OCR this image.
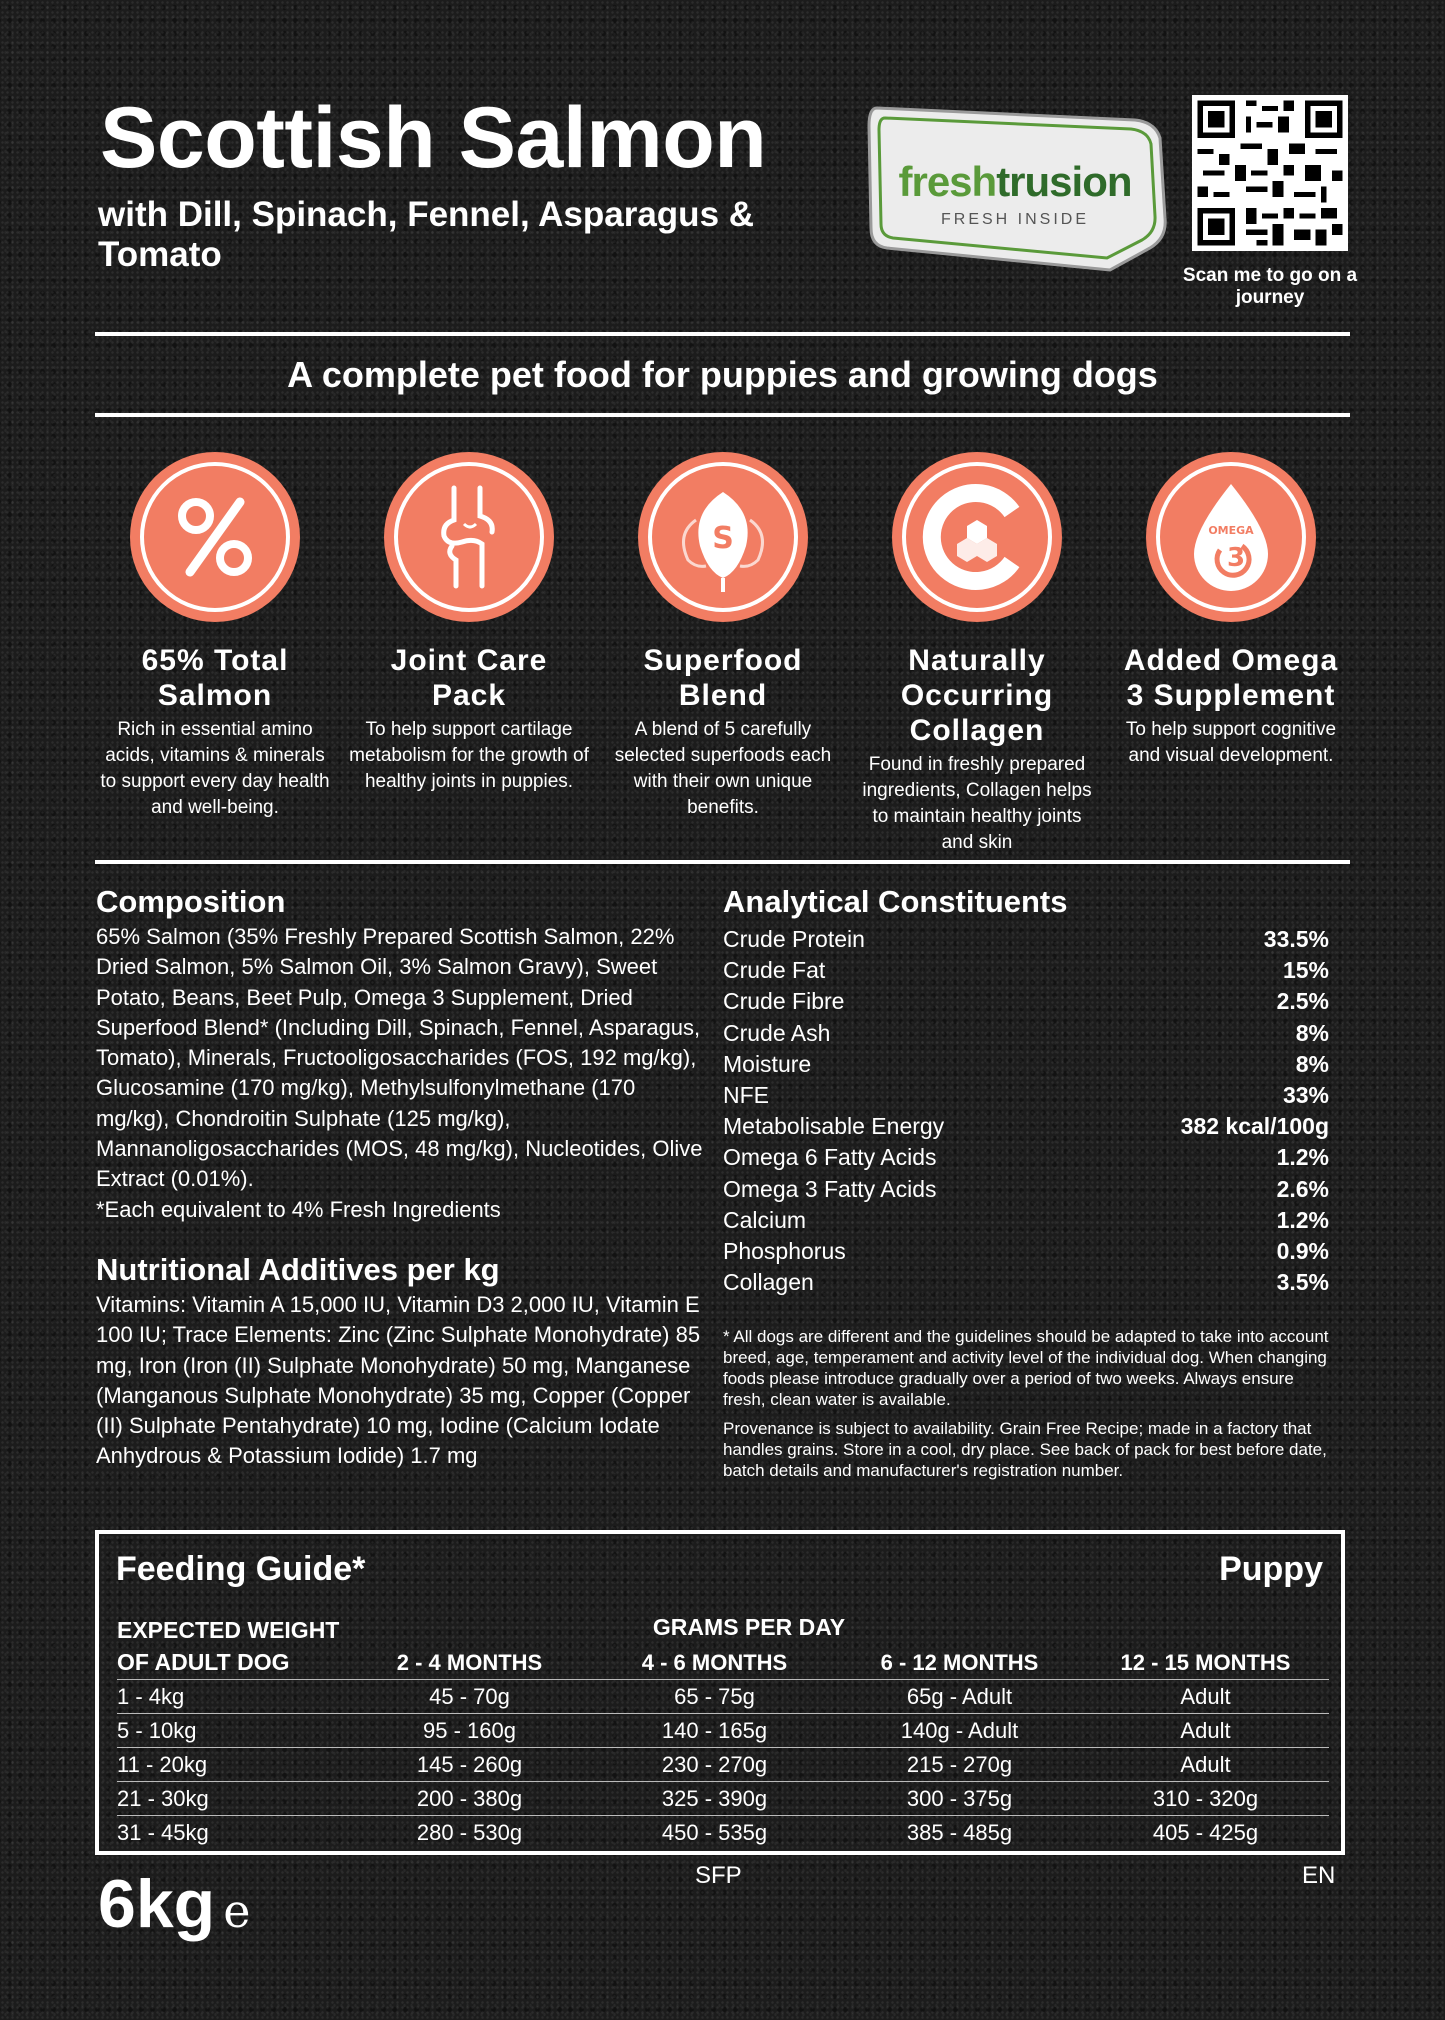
Scottish Salmon
with Dill, Spinach, Fennel, Asparagus & Tomato
freshtrusion
FRESH INSIDE
Scan me to go on a journey
A complete pet food for puppies and growing dogs
65% Total Salmon

Rich in essential amino acids, vitamins & minerals to support every day health and well-being.

Joint Care Pack

To help support cartilage metabolism for the growth of healthy joints in puppies.

S
Superfood Blend

A blend of 5 carefully selected superfoods each with their own unique benefits.

Naturally Occurring Collagen

Found in freshly prepared ingredients, Collagen helps to maintain healthy joints and skin

OMEGA
3
Added Omega 3 Supplement

To help support cognitive and visual development.

Composition
65% Salmon (35% Freshly Prepared Scottish Salmon, 22% Dried Salmon, 5% Salmon Oil, 3% Salmon Gravy), Sweet Potato, Beans, Beet Pulp, Omega 3 Supplement, Dried Superfood Blend* (Including Dill, Spinach, Fennel, Asparagus, Tomato), Minerals, Fructooligosaccharides (FOS, 192 mg/kg), Glucosamine (170 mg/kg), Methylsulfonylmethane (170 mg/kg), Chondroitin Sulphate (125 mg/kg), Mannanoligosaccharides (MOS, 48 mg/kg), Nucleotides, Olive Extract (0.01%).
*Each equivalent to 4% Fresh Ingredients
Nutritional Additives per kg
Vitamins: Vitamin A 15,000 IU, Vitamin D3 2,000 IU, Vitamin E 100 IU; Trace Elements: Zinc (Zinc Sulphate Monohydrate) 85 mg, Iron (Iron (II) Sulphate Monohydrate) 50 mg, Manganese (Manganous Sulphate Monohydrate) 35 mg, Copper (Copper (II) Sulphate Pentahydrate) 10 mg, Iodine (Calcium Iodate Anhydrous & Potassium Iodide) 1.7 mg
Analytical Constituents
Crude Protein	33.5%
Crude Fat	15%
Crude Fibre	2.5%
Crude Ash	8%
Moisture	8%
NFE	33%
Metabolisable Energy	382 kcal/100g
Omega 6 Fatty Acids	1.2%
Omega 3 Fatty Acids	2.6%
Calcium	1.2%
Phosphorus	0.9%
Collagen	3.5%
* All dogs are different and the guidelines should be adapted to take into account breed, age, temperament and activity level of the individual dog. When changing foods please introduce gradually over a period of two weeks. Always ensure fresh, clean water is available.
Provenance is subject to availability. Grain Free Recipe; made in a factory that handles grains. Store in a cool, dry place. See back of pack for best before date, batch details and manufacturer's registration number.
Feeding Guide*	Puppy
EXPECTED WEIGHT
OF ADULT DOG
GRAMS PER DAY
	2 - 4 MONTHS	4 - 6 MONTHS	6 - 12 MONTHS	12 - 15 MONTHS
1 - 4kg	45 - 70g	65 - 75g	65g - Adult	Adult
5 - 10kg	95 - 160g	140 - 165g	140g - Adult	Adult
11 - 20kg	145 - 260g	230 - 270g	215 - 270g	Adult
21 - 30kg	200 - 380g	325 - 390g	300 - 375g	310 - 320g
31 - 45kg	280 - 530g	450 - 535g	385 - 485g	405 - 425g
6kg e
SFP	EN
